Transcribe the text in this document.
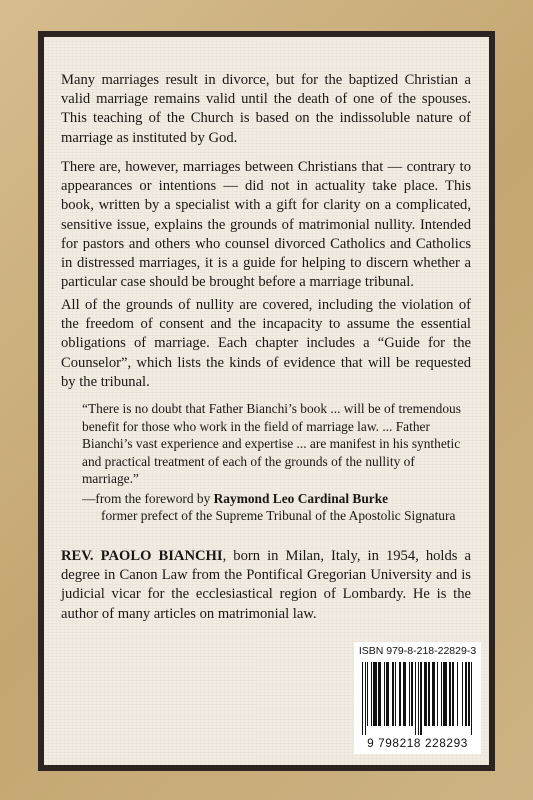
Many marriages result in divorce, but for the baptized Christian a valid marriage remains valid until the death of one of the spouses. This teaching of the Church is based on the indissoluble nature of marriage as instituted by God.

There are, however, marriages between Christians that — contrary to appearances or intentions — did not in actuality take place. This book, written by a specialist with a gift for clarity on a complicated, sensitive issue, explains the grounds of matrimonial nullity. Intended for pastors and others who counsel divorced Catholics and Catholics in distressed marriages, it is a guide for helping to discern whether a particular case should be brought before a marriage tribunal.

All of the grounds of nullity are covered, including the violation of the freedom of consent and the incapacity to assume the essential obligations of marriage. Each chapter includes a “Guide for the Counselor”, which lists the kinds of evidence that will be requested by the tribunal.

“There is no doubt that Father Bianchi’s book ... will be of tremendous benefit for those who work in the field of marriage law. ... Father Bianchi’s vast experience and expertise ... are manifest in his synthetic and practical treatment of each of the grounds of the nullity of marriage.”

—from the foreword by Raymond Leo Cardinal Burke
former prefect of the Supreme Tribunal of the Apostolic Signatura

REV. PAOLO BIANCHI, born in Milan, Italy, in 1954, holds a degree in Canon Law from the Pontifical Gregorian University and is judicial vicar for the ecclesiastical region of Lombardy. He is the author of many articles on matrimonial law.

ISBN 979-8-218-22829-3
9 798218 228293
